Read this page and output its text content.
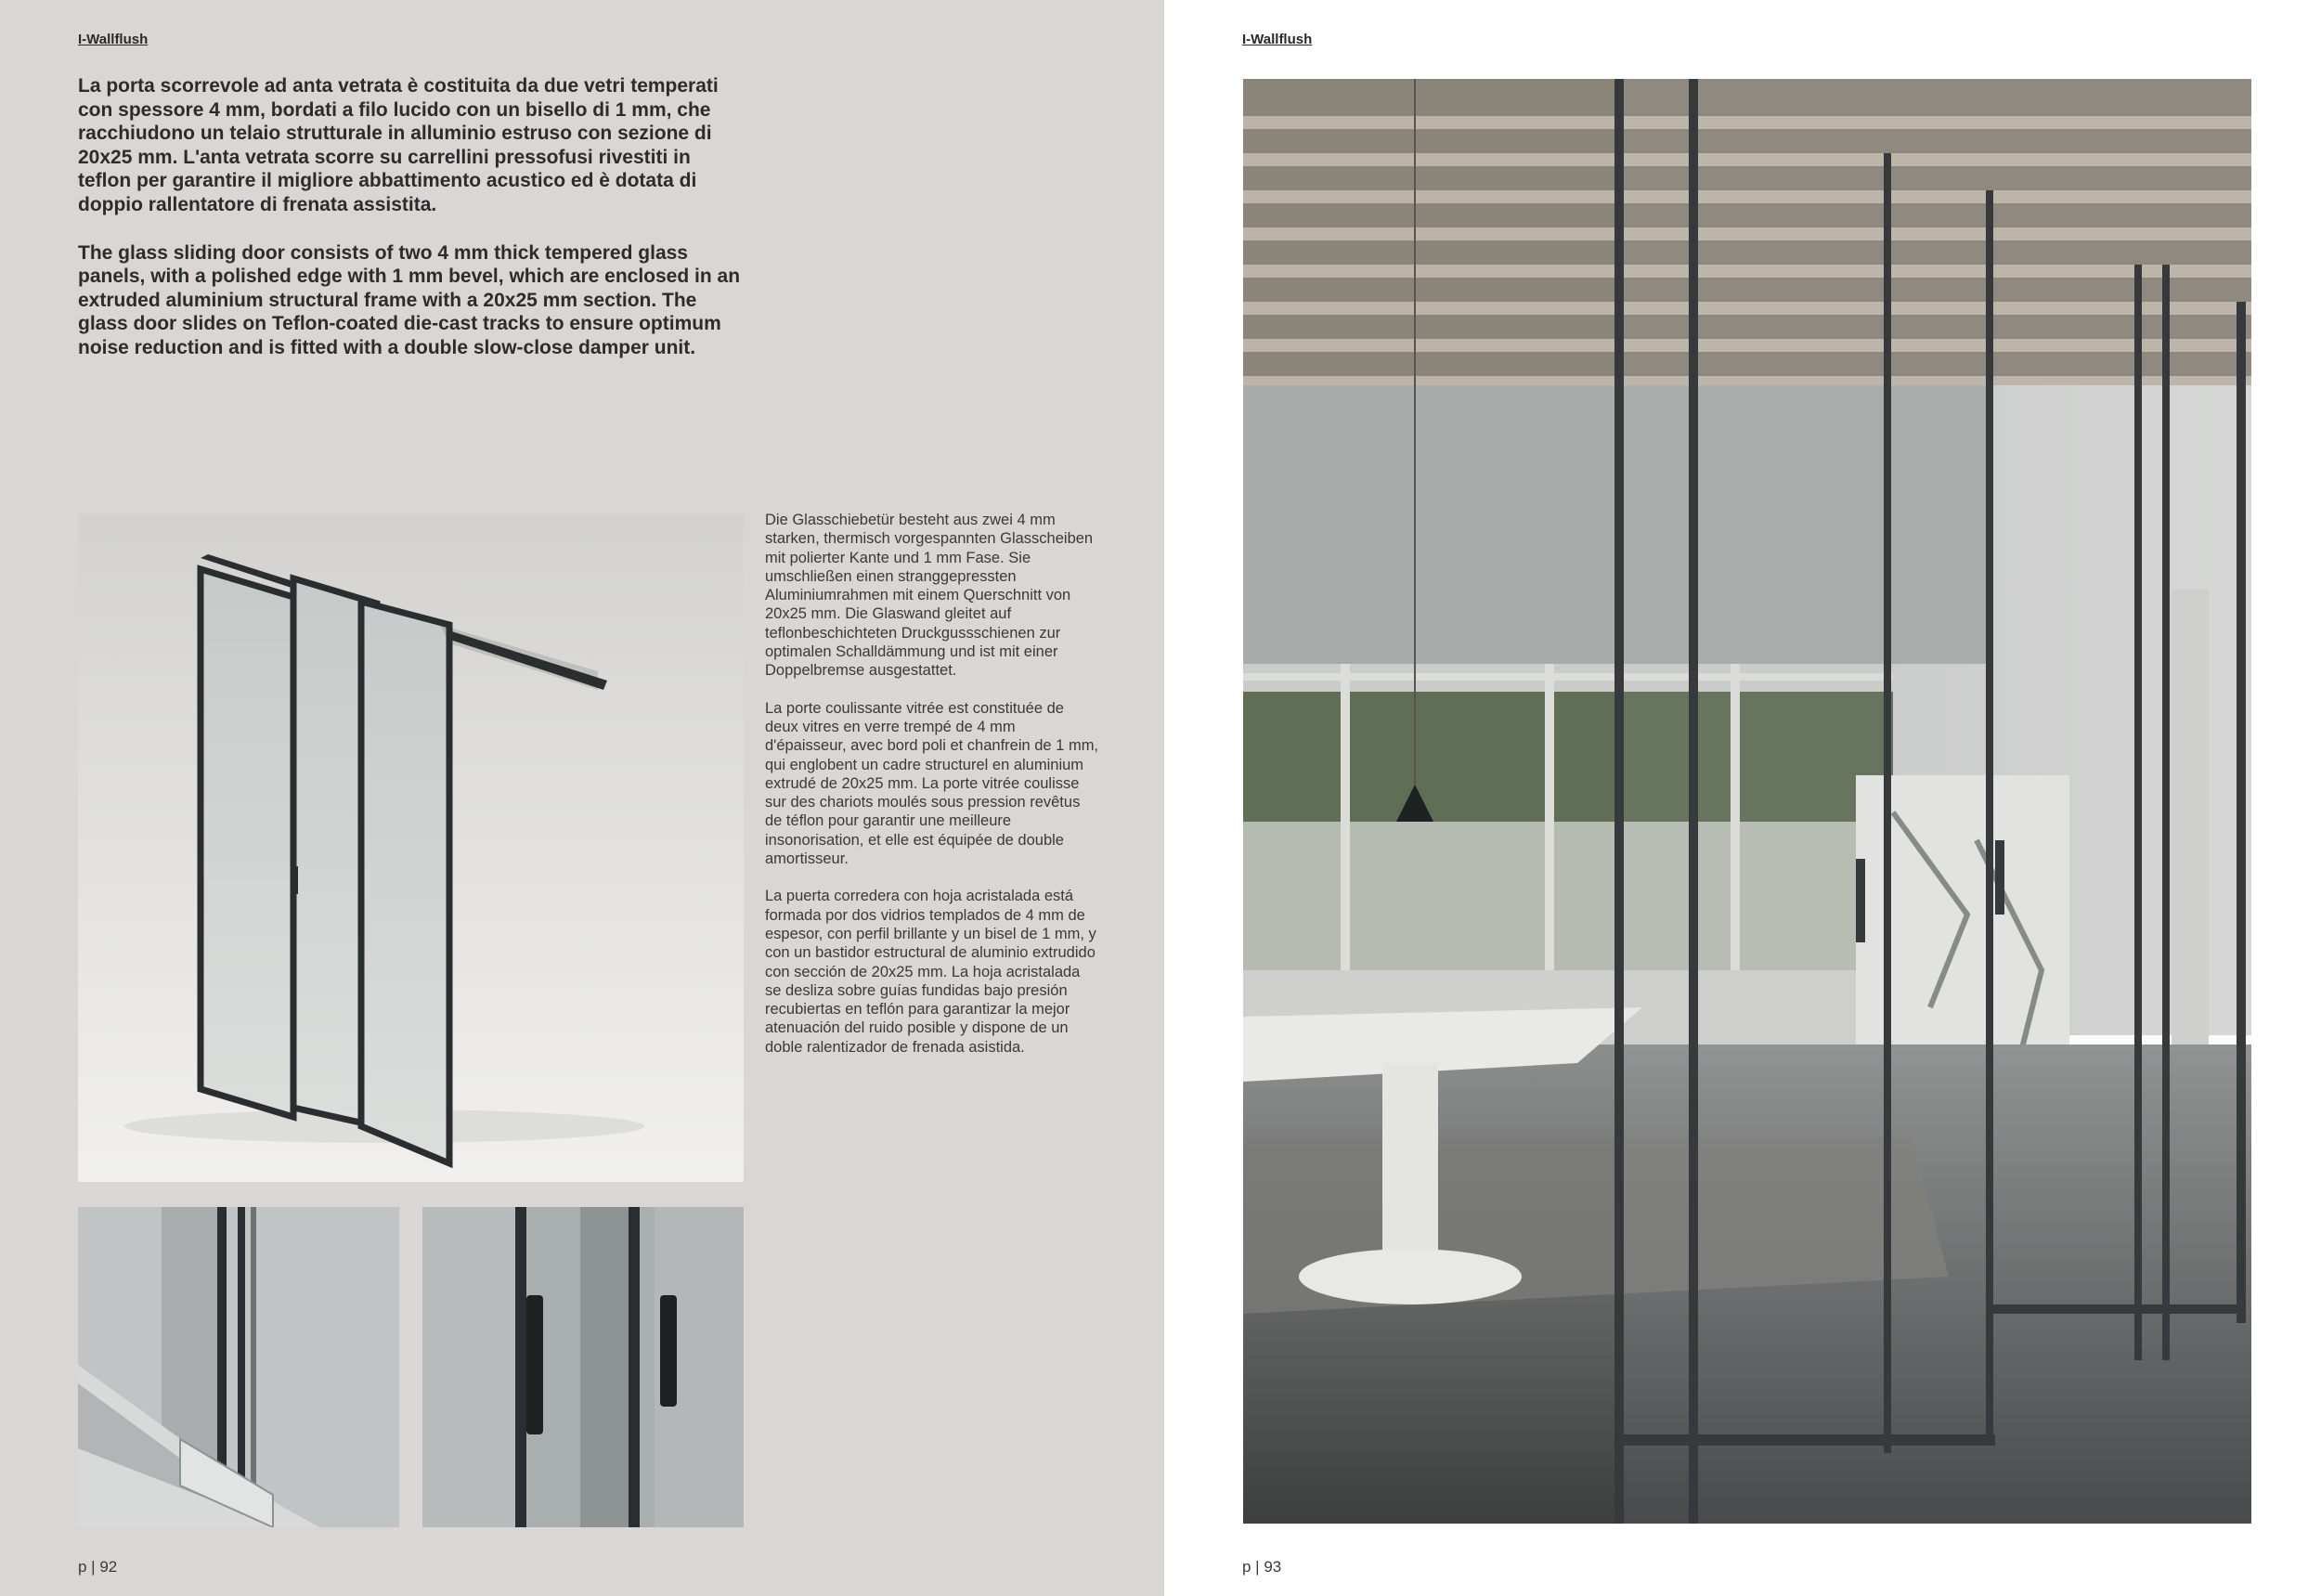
I-Wallflush

La porta scorrevole ad anta vetrata è costituita da due vetri temperati con spessore 4 mm, bordati a filo lucido con un bisello di 1 mm, che racchiudono un telaio strutturale in alluminio estruso con sezione di 20x25 mm. L'anta vetrata scorre su carrellini pressofusi rivestiti in teflon per garantire il migliore abbattimento acustico ed è dotata di doppio rallentatore di frenata assistita.

The glass sliding door consists of two 4 mm thick tempered glass panels, with a polished edge with 1 mm bevel, which are enclosed in an extruded aluminium structural frame with a 20x25 mm section. The glass door slides on Teflon-coated die-cast tracks to ensure optimum noise reduction and is fitted with a double slow-close damper unit.

Die Glasschiebetür besteht aus zwei 4 mm starken, thermisch vorgespannten Glasscheiben mit polierter Kante und 1 mm Fase. Sie umschließen einen stranggepressten Aluminiumrahmen mit einem Querschnitt von 20x25 mm. Die Glaswand gleitet auf teflonbeschichteten Druckgussschienen zur optimalen Schalldämmung und ist mit einer Doppelbremse ausgestattet.

La porte coulissante vitrée est constituée de deux vitres en verre trempé de 4 mm d'épaisseur, avec bord poli et chanfrein de 1 mm, qui englobent un cadre structurel en aluminium extrudé de 20x25 mm. La porte vitrée coulisse sur des chariots moulés sous pression revêtus de téflon pour garantir une meilleure insonorisation, et elle est équipée de double amortisseur.

La puerta corredera con hoja acristalada está formada por dos vidrios templados de 4 mm de espesor, con perfil brillante y un bisel de 1 mm, y con un bastidor estructural de aluminio extrudido con sección de 20x25 mm. La hoja acristalada se desliza sobre guías fundidas bajo presión recubiertas en teflón para garantizar la mejor atenuación del ruido posible y dispone de un doble ralentizador de frenada asistida.

p | 92
I-Wallflush
p | 93
